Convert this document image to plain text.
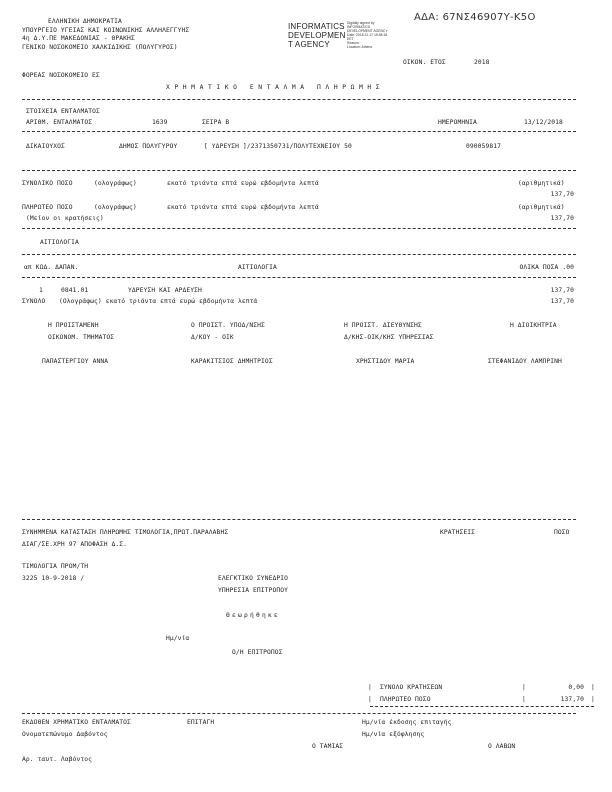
ΑΔΑ: 67ΝΣ46907Υ-Κ5Ο
ΕΛΛΗΝΙΚΗ ΔΗΜΟΚΡΑΤΙΑ
ΥΠΟΥΡΓΕΙΟ ΥΓΕΙΑΣ ΚΑΙ ΚΟΙΝΩΝΙΚΗΣ ΑΛΛΗΛΕΓΓΥΗΣ
4η Δ.Υ.ΠΕ ΜΑΚΕΔΟΝΙΑΣ - ΘΡΑΚΗΣ
ΓΕΝΙΚΟ ΝΟΣΟΚΟΜΕΙΟ ΧΑΛΚΙΔΙΚΗΣ (ΠΟΛΥΓΥΡΟΣ)
INFORMATICS
DEVELOPMEN
T AGENCY
Digitally signed by
INFORMATICS
DEVELOPMENT AGENCY
Date: 2018.12.17 15:38:18
EET
Reason:
Location: Athens
ΟΙΚΟΝ. ΕΤΟΣ	2018
ΦΟΡΕΑΣ ΝΟΣΟΚΟΜΕΙΟ ΕΣ
ΧΡΗΜΑΤΙΚΟ ΕΝΤΑΛΜΑ ΠΛΗΡΩΜΗΣ
ΣΤΟΙΧΕΙΑ ΕΝΤΑΛΜΑΤΟΣ
ΑΡΙΘΜ. ΕΝΤΑΛΜΑΤΟΣ	1639	ΣΕΙΡΑ Β	ΗΜΕΡΟΜΗΝΙΑ	13/12/2018
ΔΙΚΑΙΟΥΧΟΣ	ΔΗΜΟΣ ΠΟΛΥΓΥΡΟΥ	[ ΥΔΡΕΥΣΗ ]/2371350731/ΠΟΛΥΤΕΧΝΕΙΟΥ 50	090059817
ΣΥΝΟΛΙΚΟ ΠΟΣΟ	(ολογράφως)	εκατό τριάντα επτά ευρώ εβδομήντα λεπτά	(αριθμητικά)
137,70
ΠΛΗΡΩΤΕΟ ΠΟΣΟ	(ολογράφως)	εκατό τριάντα επτά ευρώ εβδομήντα λεπτά	(αριθμητικά)
(Μείον οι κρατήσεις)	137,70
ΑΙΤΙΟΛΟΓΙΑ
απ ΚΩΔ. ΔΑΠΑΝ.	ΑΙΤΙΟΛΟΓΙΑ	ΟΛΙΚΑ ΠΟΣΑ .00
1	0841.01	ΥΔΡΕΥΣΗ ΚΑΙ ΑΡΔΕΥΣΗ	137,70
ΣΥΝΟΛΟ (Ολογράφως) εκατό τριάντα επτά ευρώ εβδομήντα λεπτά	137,70
Η ΠΡΟΙΣΤΑΜΕΝΗ	Ο ΠΡΟΙΣΤ. ΥΠΟΔ/ΝΣΗΣ	Η ΠΡΟΙΣΤ. ΔΙΕΥΘΥΝΣΗΣ	Η ΔΙΟΙΚΗΤΡΙΑ
ΟΙΚΟΝΟΜ. ΤΜΗΜΑΤΟΣ	Δ/ΚΟΥ - ΟΙΚ	Δ/ΚΗΣ-ΟΙΚ/ΚΗΣ ΥΠΗΡΕΣΙΑΣ
ΠΑΠΑΣΤΕΡΓΙΟΥ ΑΝΝΑ	ΚΑΡΑΚΙΤΣΙΟΣ ΔΗΜΗΤΡΙΟΣ	ΧΡΗΣΤΙΔΟΥ ΜΑΡΙΑ	ΣΤΕΦΑΝΙΔΟΥ ΛΑΜΠΡΙΝΗ
ΣΥΝΗΜΜΕΝΑ ΚΑΤΑΣΤΑΣΗ ΠΛΗΡΩΜΗΣ ΤΙΜΟΛΟΓΙΑ,ΠΡΩΤ.ΠΑΡΑΛΑΒΗΣ	ΚΡΑΤΗΣΕΙΣ	ΠΟΣΟ
ΔΙΑΓ/ΣΕ.ΧΡΗ 97 ΑΠΟΦΑΣΗ Δ.Σ.
ΤΙΜΟΛΟΓΙΑ ΠΡΟΜ/ΤΗ
3225 10-9-2018 /	ΕΛΕΓΚΤΙΚΟ ΣΥΝΕΔΡΙΟ
ΥΠΗΡΕΣΙΑ ΕΠΙΤΡΟΠΟΥ
Θεωρήθηκε
Ημ/νία
Ο/Η ΕΠΙΤΡΟΠΟΣ
| ΣΥΝΟΛΟ ΚΡΑΤΗΣΕΩΝ	|	0,00 |
| ΠΛΗΡΩΤΕΟ ΠΟΣΟ	|	137,70 |
ΕΚΔΟΘΕΝ ΧΡΗΜΑΤΙΚΟ ΕΝΤΑΛΜΑΤΟΣ	ΕΠΙΤΑΓΗ	Ημ/νία έκδοσης επιταγής
Ονοματεπώνυμο Δαβόντος	Ημ/νία εξόφλησης
Ο ΤΑΜΙΑΣ	Ο ΛΑΒΩΝ
Αρ. ταυτ. Λαβόντος
